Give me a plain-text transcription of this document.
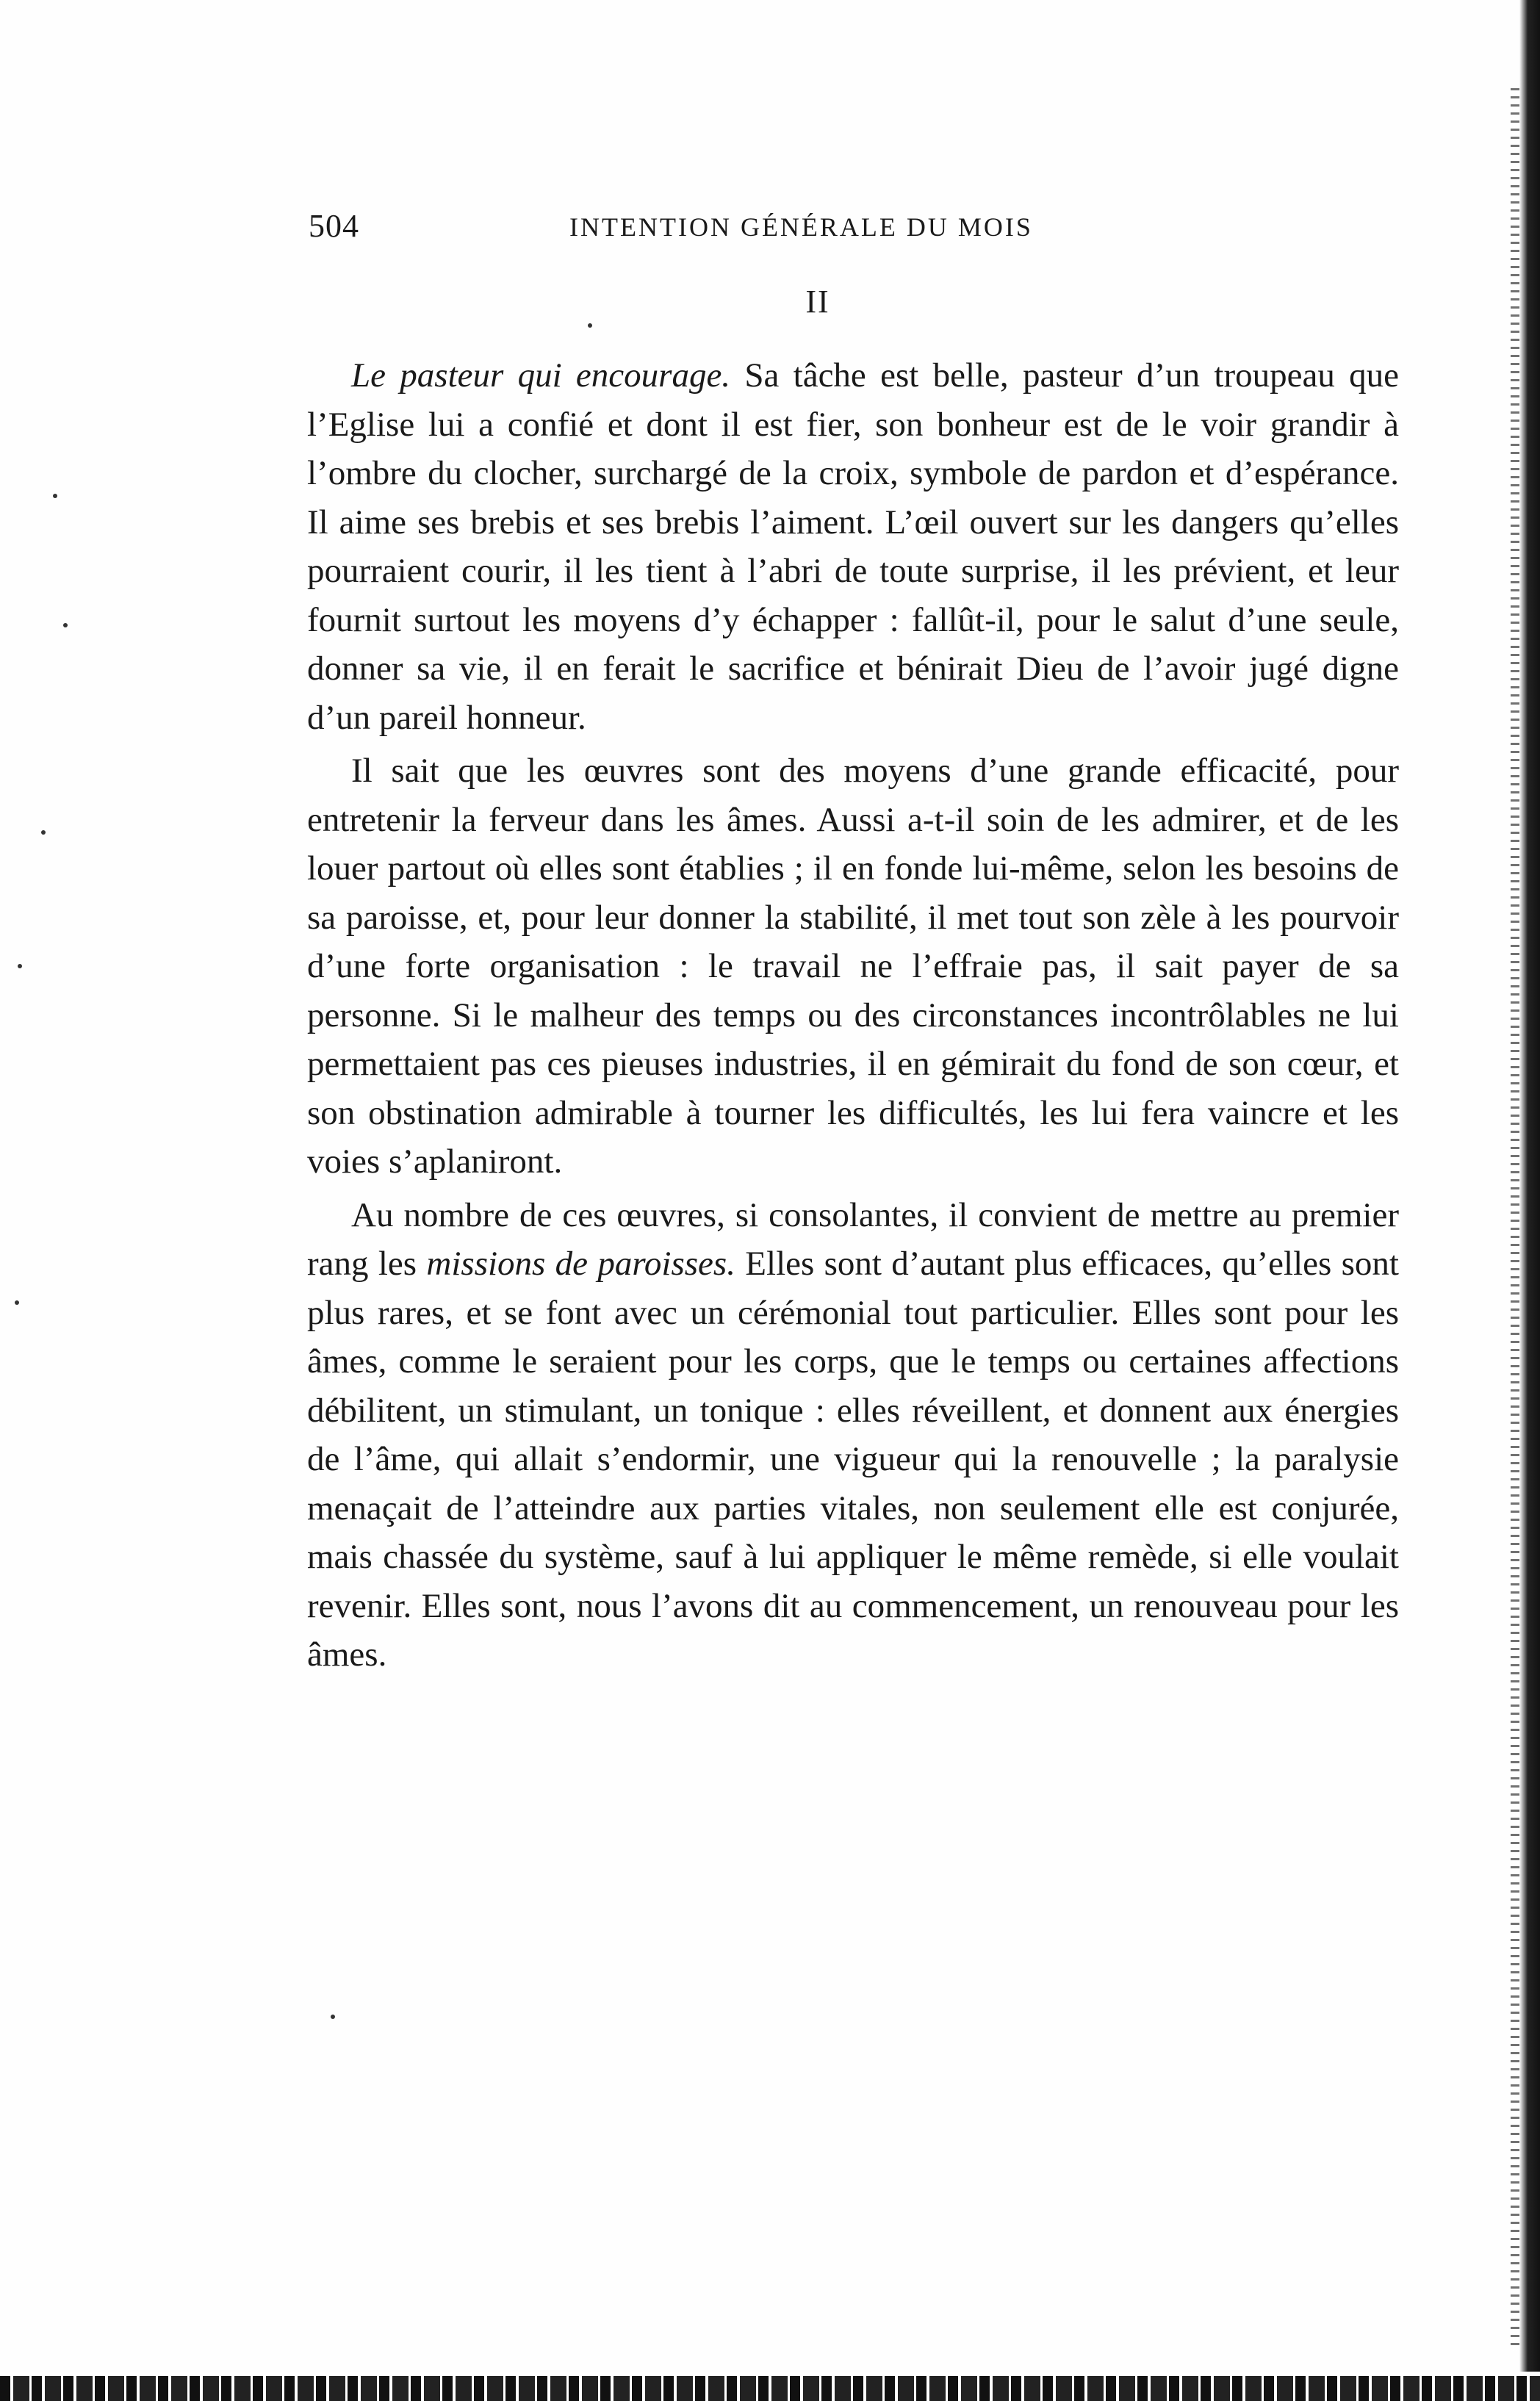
504	INTENTION GÉNÉRALE DU MOIS
II

Le pasteur qui encourage. Sa tâche est belle, pasteur d’un troupeau que l’Eglise lui a confié et dont il est fier, son bonheur est de le voir grandir à l’ombre du clocher, surchargé de la croix, symbole de pardon et d’espérance. Il aime ses brebis et ses brebis l’aiment. L’œil ouvert sur les dangers qu’elles pourraient courir, il les tient à l’abri de toute surprise, il les prévient, et leur fournit surtout les moyens d’y échapper : fallût-il, pour le salut d’une seule, donner sa vie, il en ferait le sacrifice et bénirait Dieu de l’avoir jugé digne d’un pareil honneur.

Il sait que les œuvres sont des moyens d’une grande efficacité, pour entretenir la ferveur dans les âmes. Aussi a-t-il soin de les admirer, et de les louer partout où elles sont établies ; il en fonde lui-même, selon les besoins de sa paroisse, et, pour leur donner la stabilité, il met tout son zèle à les pourvoir d’une forte organisation : le travail ne l’effraie pas, il sait payer de sa personne. Si le malheur des temps ou des circonstances incontrôlables ne lui permettaient pas ces pieuses industries, il en gémirait du fond de son cœur, et son obstination admirable à tourner les difficultés, les lui fera vaincre et les voies s’aplaniront.

Au nombre de ces œuvres, si consolantes, il convient de mettre au premier rang les missions de paroisses. Elles sont d’autant plus efficaces, qu’elles sont plus rares, et se font avec un cérémonial tout particulier. Elles sont pour les âmes, comme le seraient pour les corps, que le temps ou certaines affections débilitent, un stimulant, un tonique : elles réveillent, et donnent aux énergies de l’âme, qui allait s’endormir, une vigueur qui la renouvelle ; la paralysie menaçait de l’atteindre aux parties vitales, non seulement elle est conjurée, mais chassée du système, sauf à lui appliquer le même remède, si elle voulait revenir. Elles sont, nous l’avons dit au commencement, un renouveau pour les âmes.
